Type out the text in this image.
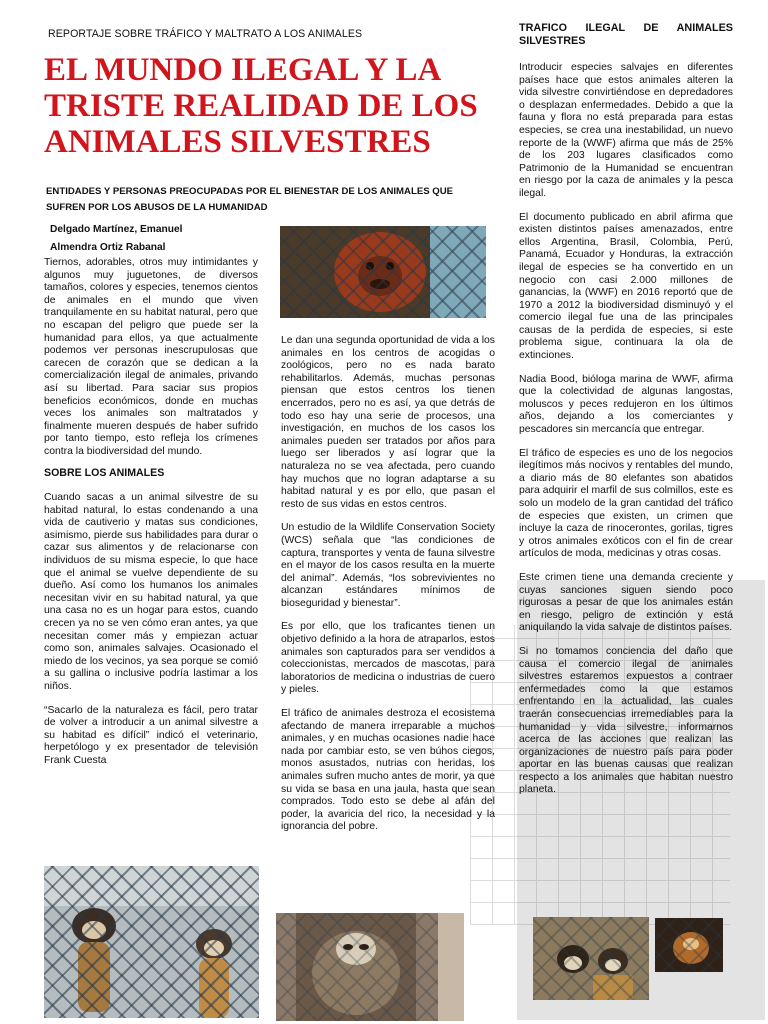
REPORTAJE SOBRE TRÁFICO Y MALTRATO A LOS ANIMALES
EL MUNDO ILEGAL Y LA TRISTE REALIDAD DE LOS ANIMALES SILVESTRES
ENTIDADES Y PERSONAS PREOCUPADAS POR EL BIENESTAR DE LOS ANIMALES QUE SUFREN POR LOS ABUSOS DE LA HUMANIDAD
Delgado Martínez, Emanuel
Almendra Ortiz Rabanal

Tiernos, adorables, otros muy intimidantes y algunos muy juguetones, de diversos tamaños, colores y especies, tenemos cientos de animales en el mundo que viven tranquilamente en su habitat natural, pero que no escapan del peligro que puede ser la humanidad para ellos, ya que actualmente podemos ver personas inescrupulosas que carecen de corazón que se dedican a la comercialización ilegal de animales, privando así su libertad. Para saciar sus propios beneficios económicos, donde en muchas veces los animales son maltratados y finalmente mueren después de haber sufrido por tanto tiempo, esto refleja los crímenes contra la biodiversidad del mundo.

SOBRE LOS ANIMALES

Cuando sacas a un animal silvestre de su habitad natural, lo estas condenando a una vida de cautiverio y matas sus condiciones, asimismo, pierde sus habilidades para durar o cazar sus alimentos y de relacionarse con individuos de su misma especie, lo que hace que el animal se vuelve dependiente de su dueño. Así como los humanos los animales necesitan vivir en su habitad natural, ya que una casa no es un hogar para estos, cuando crecen ya no se ven cómo eran antes, ya que necesitan comer más y empiezan actuar como son, animales salvajes. Ocasionado el miedo de los vecinos, ya sea porque se comió a su gallina o inclusive podría lastimar a los niños.

“Sacarlo de la naturaleza es fácil, pero tratar de volver a introducir a un animal silvestre a su habitad es difícil” indicó el veterinario, herpetólogo y ex presentador de televisión Frank Cuesta

Le dan una segunda oportunidad de vida a los animales en los centros de acogidas o zoológicos, pero no es nada barato rehabilitarlos. Además, muchas personas piensan que estos centros los tienen encerrados, pero no es así, ya que detrás de todo eso hay una serie de procesos, una investigación, en muchos de los casos los animales pueden ser tratados por años para luego ser liberados y así lograr que la naturaleza no se vea afectada, pero cuando hay muchos que no logran adaptarse a su habitad natural y es por ello, que pasan el resto de sus vidas en estos centros.

Un estudio de la Wildlife Conservation Society (WCS) señala que “las condiciones de captura, transportes y venta de fauna silvestre en el mayor de los casos resulta en la muerte del animal”. Además, “los sobrevivientes no alcanzan estándares mínimos de bioseguridad y bienestar”.

Es por ello, que los traficantes tienen un objetivo definido a la hora de atraparlos, estos animales son capturados para ser vendidos a coleccionistas, mercados de mascotas, para laboratorios de medicina o industrias de cuero y pieles.

El tráfico de animales destroza el ecosistema afectando de manera irreparable a muchos animales, y en muchas ocasiones nadie hace nada por cambiar esto, se ven búhos ciegos, monos asustados, nutrias con heridas, los animales sufren mucho antes de morir, ya que su vida se basa en una jaula, hasta que sean comprados. Todo esto se debe al afán del poder, la avaricia del rico, la necesidad y la ignorancia del pobre.

TRAFICO ILEGAL DE ANIMALES SILVESTRES

Introducir especies salvajes en diferentes países hace que estos animales alteren la vida silvestre convirtiéndose en depredadores o desplazan enfermedades. Debido a que la fauna y flora no está preparada para estas especies, se crea una inestabilidad, un nuevo reporte de la (WWF) afirma que más de 25% de los 203 lugares clasificados como Patrimonio de la Humanidad se encuentran en riesgo por la caza de animales y la pesca ilegal.

El documento publicado en abril afirma que existen distintos países amenazados, entre ellos Argentina, Brasil, Colombia, Perú, Panamá, Ecuador y Honduras, la extracción ilegal de especies se ha convertido en un negocio con casi 2.000 millones de ganancias, la (WWF) en 2016 reportó que de 1970 a 2012 la biodiversidad disminuyó y el comercio ilegal fue una de las principales causas de la perdida de especies, si este problema sigue, continuara la ola de extinciones.

Nadia Bood, bióloga marina de WWF, afirma que la colectividad de algunas langostas, moluscos y peces redujeron en los últimos años, dejando a los comerciantes y pescadores sin mercancía que entregar.

El tráfico de especies es uno de los negocios ilegítimos más nocivos y rentables del mundo, a diario más de 80 elefantes son abatidos para adquirir el marfil de sus colmillos, este es solo un modelo de la gran cantidad del tráfico de especies que existen, un crimen que incluye la caza de rinocerontes, gorilas, tigres y otros animales exóticos con el fin de crear artículos de moda, medicinas y otras cosas.

Este crimen tiene una demanda creciente y cuyas sanciones siguen siendo poco rigurosas a pesar de que los animales están en riesgo, peligro de extinción y está aniquilando la vida salvaje de distintos países.

Si no tomamos conciencia del daño que causa el comercio ilegal de animales silvestres estaremos expuestos a contraer enfermedades como la que estamos enfrentando en la actualidad, las cuales traerán consecuencias irremediables para la humanidad y vida silvestre, informarnos acerca de las acciones que realizan las organizaciones de nuestro país para poder aportar en las buenas causas que realizan respecto a los animales que habitan nuestro planeta.
